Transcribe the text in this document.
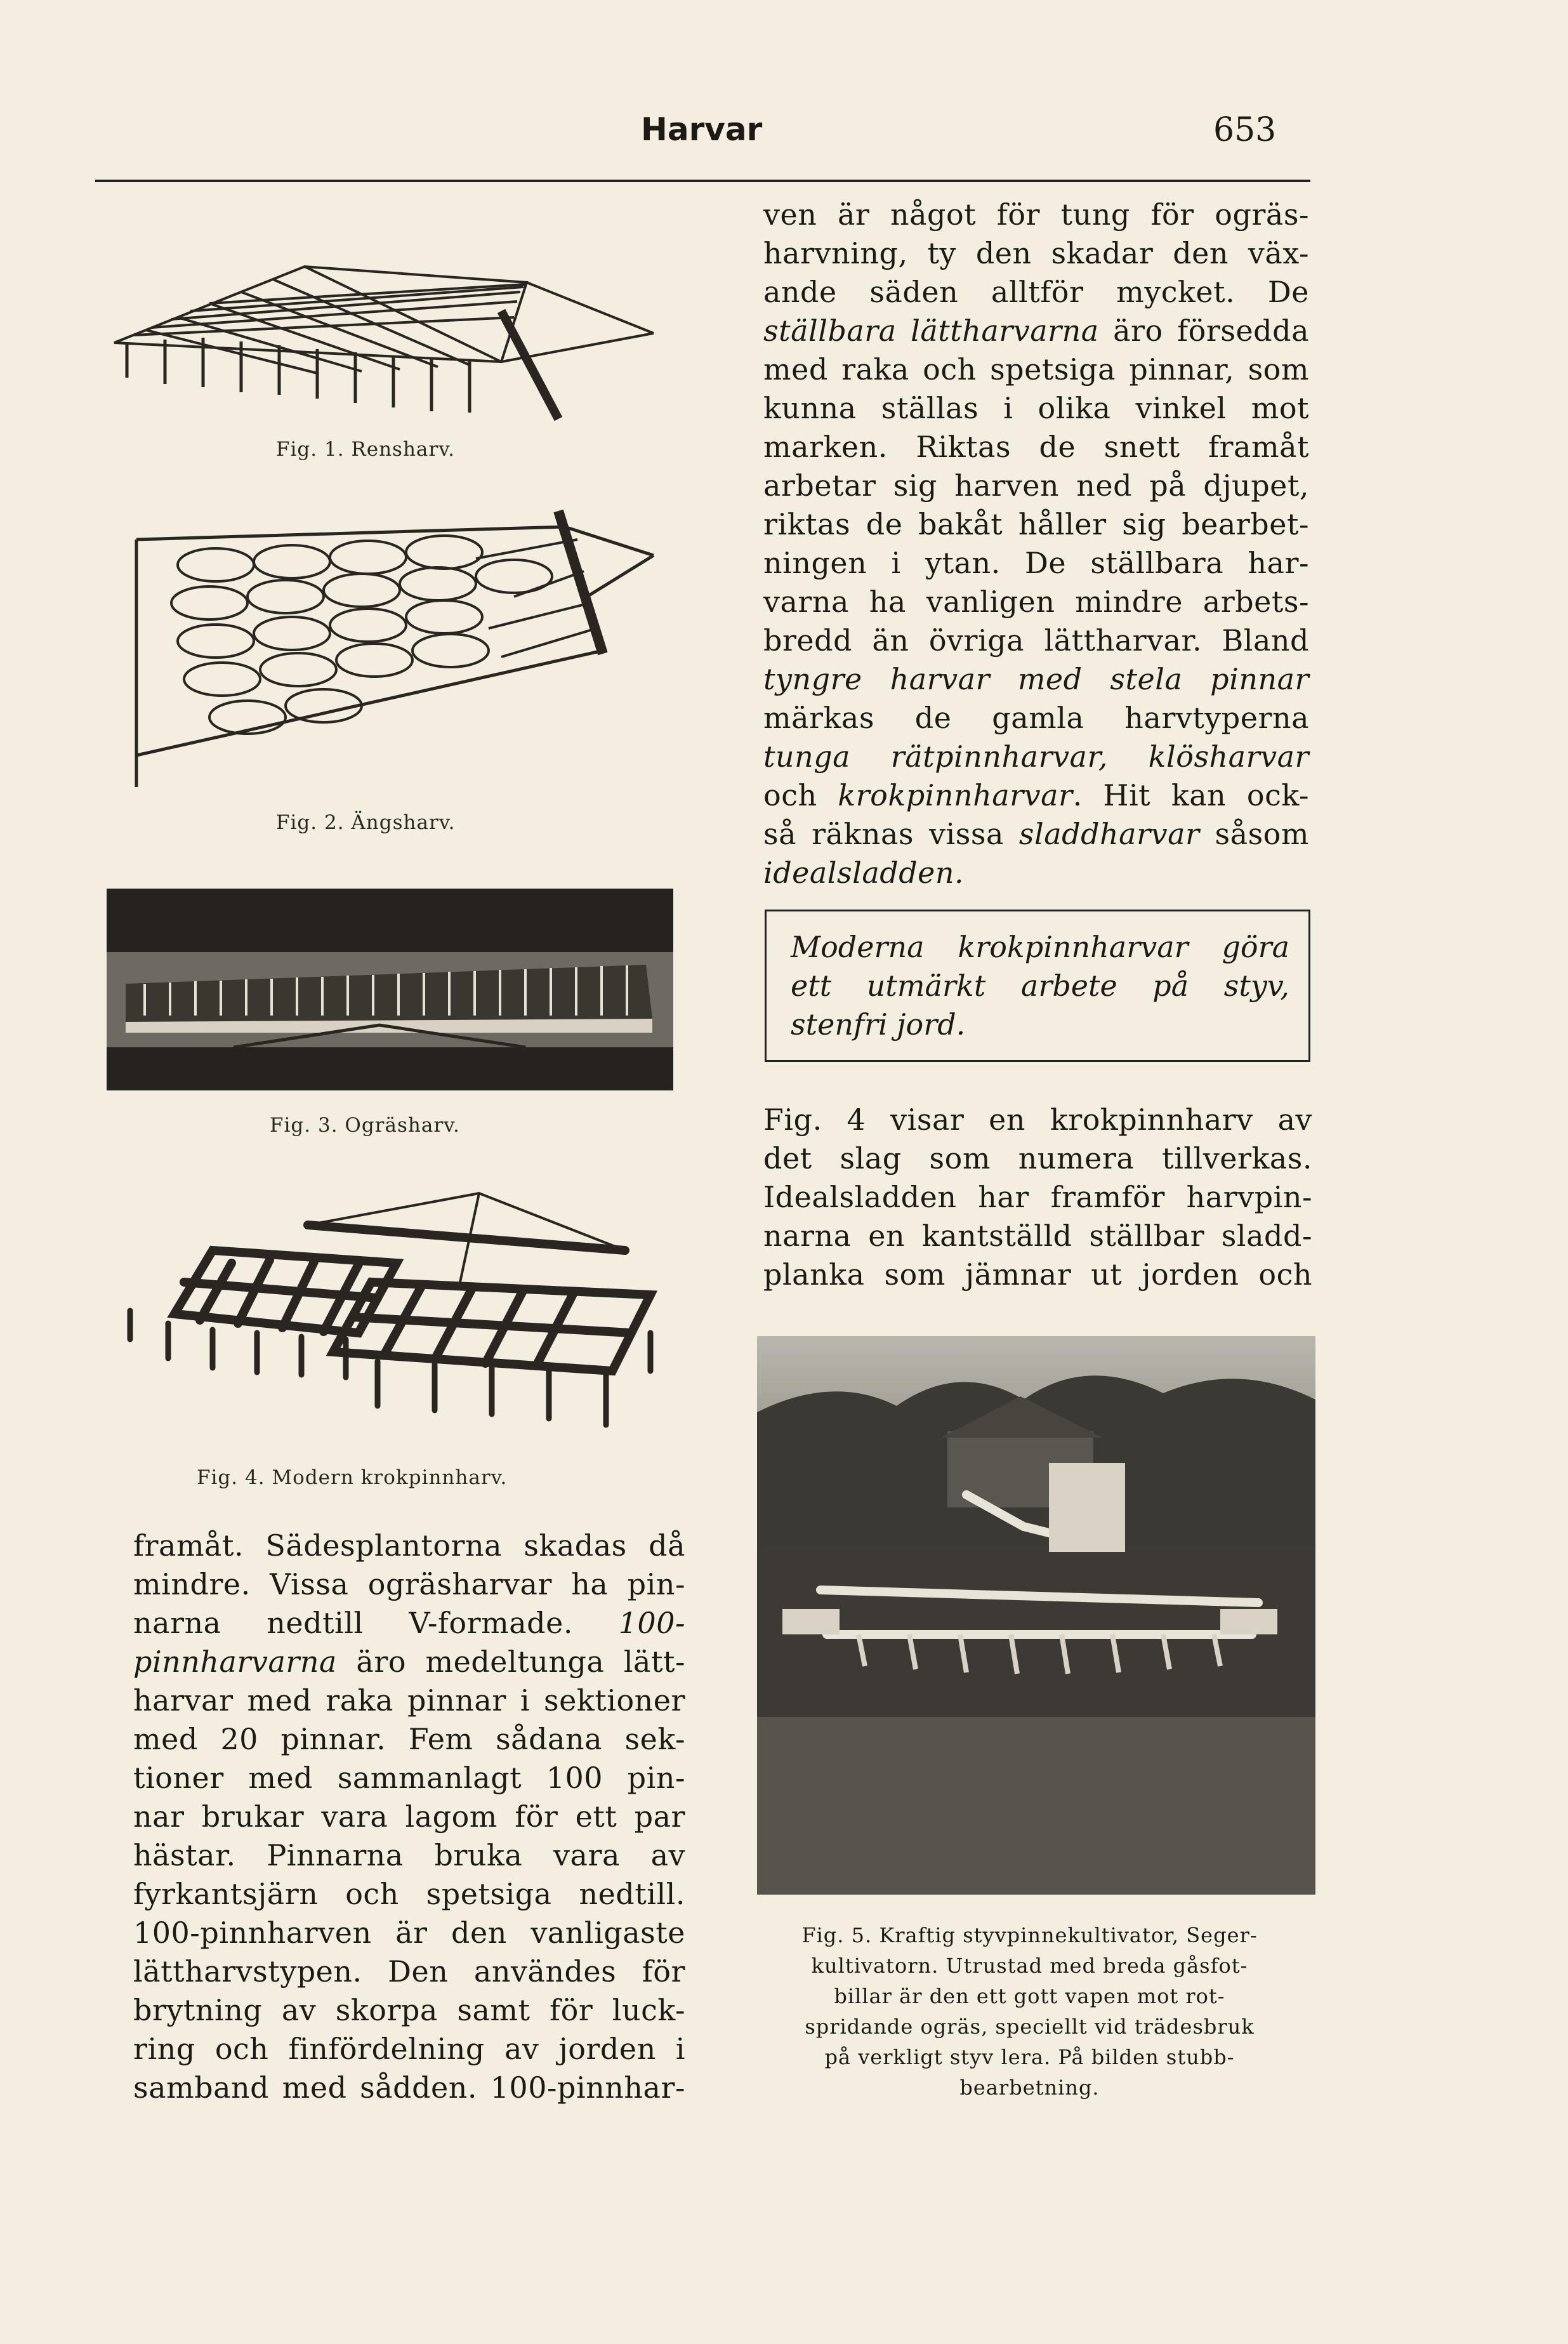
Harvar	653
Fig. 1. Rensharv.
Fig. 2. Ängsharv.
Fig. 3. Ogräsharv.
Fig. 4. Modern krokpinnharv.
ven är något för tung för ogräs-
harvning, ty den skadar den väx-
ande säden alltför mycket. De
ställbara lättharvarna äro försedda
med raka och spetsiga pinnar, som
kunna ställas i olika vinkel mot
marken. Riktas de snett framåt
arbetar sig harven ned på djupet,
riktas de bakåt håller sig bearbet-
ningen i ytan. De ställbara har-
varna ha vanligen mindre arbets-
bredd än övriga lättharvar. Bland
tyngre harvar med stela pinnar
märkas de gamla harvtyperna
tunga rätpinnharvar, klösharvar
och krokpinnharvar. Hit kan ock-
så räknas vissa sladdharvar såsom
idealsladden.
Moderna krokpinnharvar göra
ett utmärkt arbete på styv,
stenfri jord.
Fig. 4 visar en krokpinnharv av
det slag som numera tillverkas.
Idealsladden har framför harvpin-
narna en kantställd ställbar sladd-
planka som jämnar ut jorden och
Fig. 5. Kraftig styvpinnekultivator, Seger-
kultivatorn. Utrustad med breda gåsfot-
billar är den ett gott vapen mot rot-
spridande ogräs, speciellt vid trädesbruk
på verkligt styv lera. På bilden stubb-
bearbetning.
framåt. Sädesplantorna skadas då
mindre. Vissa ogräsharvar ha pin-
narna nedtill V-formade. 100-
pinnharvarna äro medeltunga lätt-
harvar med raka pinnar i sektioner
med 20 pinnar. Fem sådana sek-
tioner med sammanlagt 100 pin-
nar brukar vara lagom för ett par
hästar. Pinnarna bruka vara av
fyrkantsjärn och spetsiga nedtill.
100-pinnharven är den vanligaste
lättharvstypen. Den användes för
brytning av skorpa samt för luck-
ring och finfördelning av jorden i
samband med sådden. 100-pinnhar-
